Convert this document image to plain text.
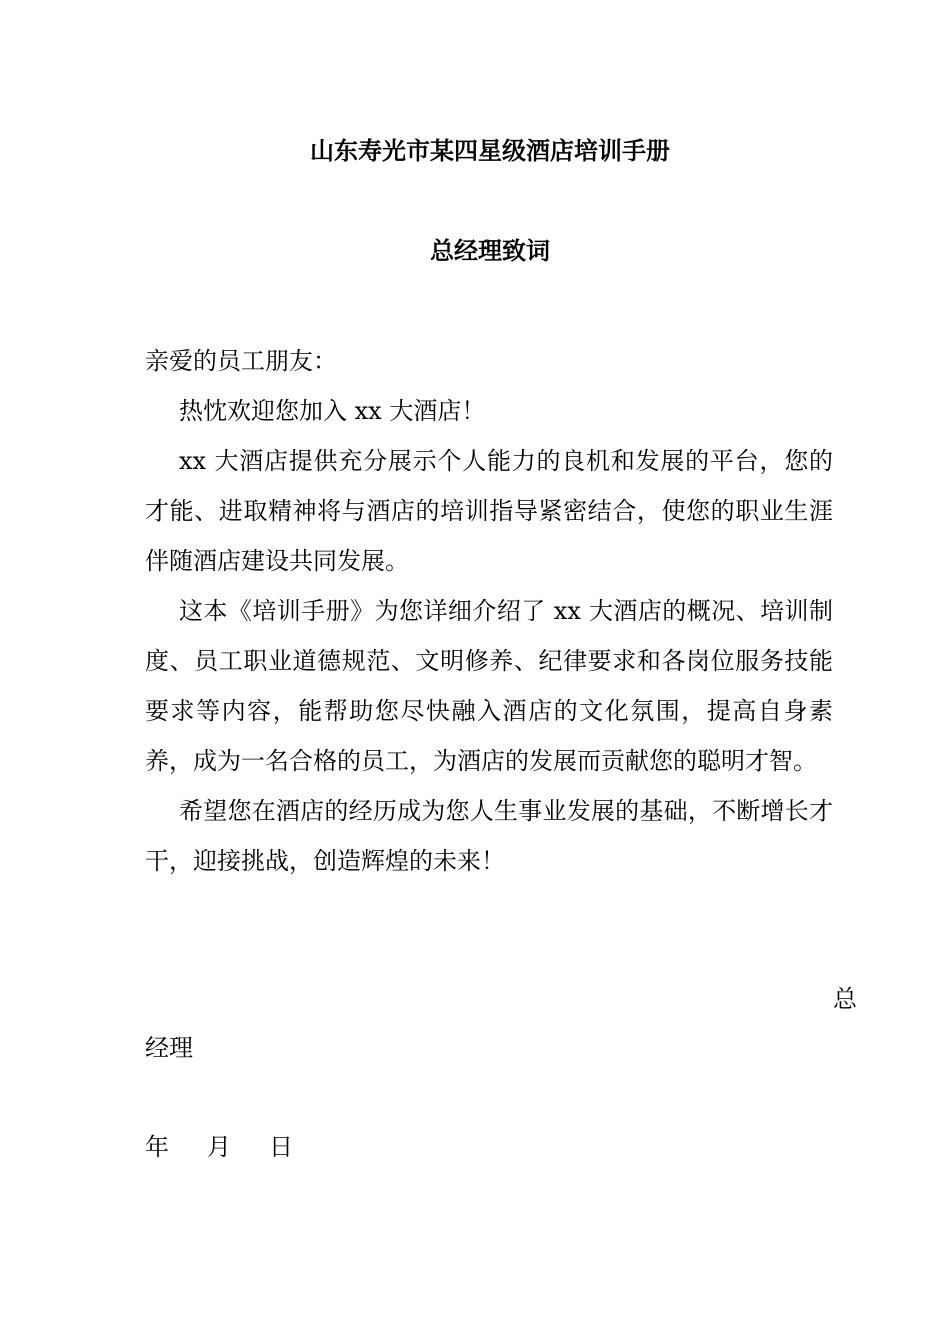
山东寿光市某四星级酒店培训手册
总经理致词

亲爱的员工朋友：

热忱欢迎您加入 xx 大酒店！

xx 大酒店提供充分展示个人能力的良机和发展的平台，您的才能、进取精神将与酒店的培训指导紧密结合，使您的职业生涯伴随酒店建设共同发展。

这本《培训手册》为您详细介绍了 xx 大酒店的概况、培训制度、员工职业道德规范、文明修养、纪律要求和各岗位服务技能要求等内容，能帮助您尽快融入酒店的文化氛围，提高自身素养，成为一名合格的员工，为酒店的发展而贡献您的聪明才智。

希望您在酒店的经历成为您人生事业发展的基础，不断增长才干，迎接挑战，创造辉煌的未来！

总

经理

年 月 日
